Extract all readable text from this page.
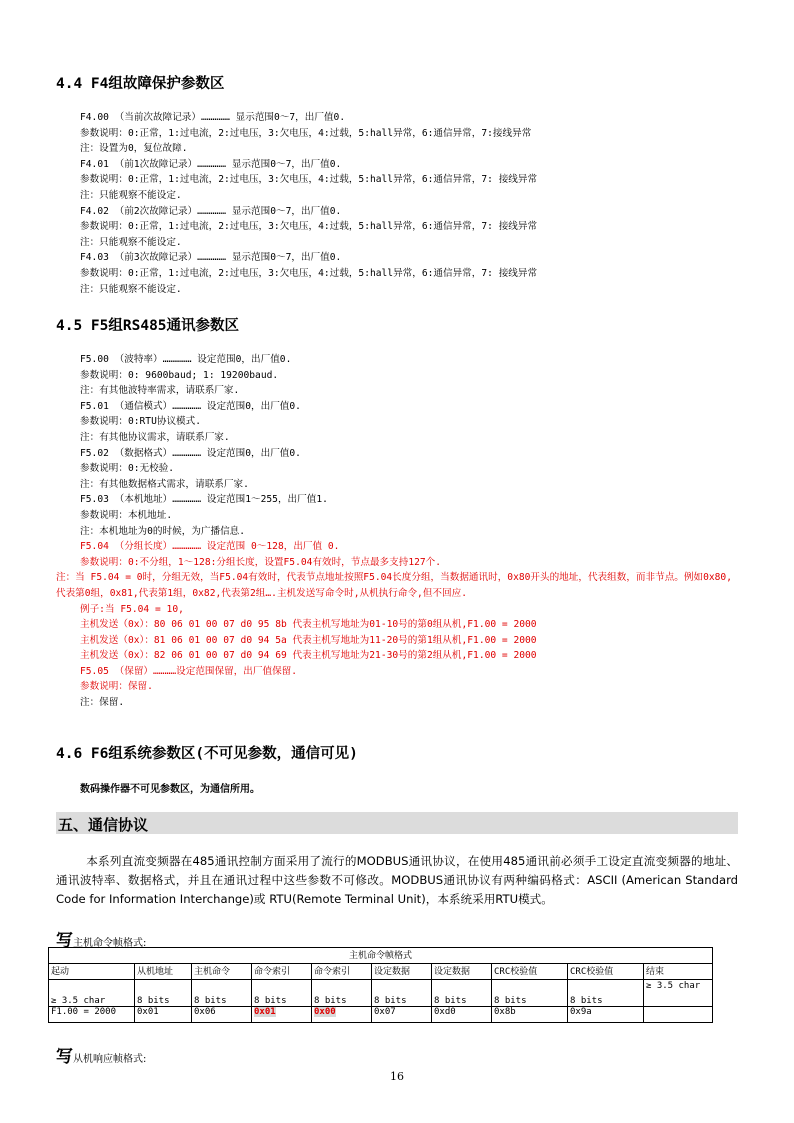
4.4 F4组故障保护参数区
F4.00 （当前次故障记录）…………… 显示范围0～7，出厂值0.
参数说明：0:正常，1:过电流，2:过电压，3:欠电压，4:过载，5:hall异常，6:通信异常，7:接线异常
注：设置为0，复位故障.
F4.01 （前1次故障记录）…………… 显示范围0～7，出厂值0.
参数说明：0:正常，1:过电流，2:过电压，3:欠电压，4:过载，5:hall异常，6:通信异常，7: 接线异常
注：只能观察不能设定.
F4.02 （前2次故障记录）…………… 显示范围0～7，出厂值0.
参数说明：0:正常，1:过电流，2:过电压，3:欠电压，4:过载，5:hall异常，6:通信异常，7: 接线异常
注：只能观察不能设定.
F4.03 （前3次故障记录）…………… 显示范围0～7，出厂值0.
参数说明：0:正常，1:过电流，2:过电压，3:欠电压，4:过载，5:hall异常，6:通信异常，7: 接线异常
注：只能观察不能设定.
4.5 F5组RS485通讯参数区
F5.00 （波特率）…………… 设定范围0，出厂值0.
参数说明：0: 9600baud; 1: 19200baud.
注：有其他波特率需求，请联系厂家.
F5.01 （通信模式）…………… 设定范围0，出厂值0.
参数说明：0:RTU协议模式.
注：有其他协议需求，请联系厂家.
F5.02 （数据格式）…………… 设定范围0，出厂值0.
参数说明：0:无校验.
注：有其他数据格式需求，请联系厂家.
F5.03 （本机地址）…………… 设定范围1～255，出厂值1.
参数说明：本机地址.
注：本机地址为0的时候，为广播信息.
F5.04 （分组长度）…………… 设定范围 0～128，出厂值 0.
参数说明：0:不分组，1～128:分组长度，设置F5.04有效时，节点最多支持127个.
注：当 F5.04 = 0时，分组无效，当F5.04有效时，代表节点地址按照F5.04长度分组，当数据通讯时，0x80开头的地址，代表组数，而非节点。例如0x80,代表第0组，0x81,代表第1组，0x82,代表第2组….主机发送写命令时,从机执行命令,但不回应.
例子:当 F5.04 = 10,
主机发送（0x）：80 06 01 00 07 d0 95 8b 代表主机写地址为01-10号的第0组从机,F1.00 = 2000
主机发送（0x）：81 06 01 00 07 d0 94 5a 代表主机写地址为11-20号的第1组从机,F1.00 = 2000
主机发送（0x）：82 06 01 00 07 d0 94 69 代表主机写地址为21-30号的第2组从机,F1.00 = 2000
F5.05 （保留）…………设定范围保留，出厂值保留.
参数说明：保留.
注：保留.
4.6 F6组系统参数区(不可见参数，通信可见)
数码操作器不可见参数区，为通信所用。
五、通信协议
本系列直流变频器在485通讯控制方面采用了流行的MODBUS通讯协议，在使用485通讯前必须手工设定直流变频器的地址、通讯波特率、数据格式，并且在通讯过程中这些参数不可修改。MODBUS通讯协议有两种编码格式：ASCII (American Standard Code for Information Interchange)或 RTU(Remote Terminal Unit)，本系统采用RTU模式。
写主机命令帧格式:
主机命令帧格式									
起动	从机地址	主机命令	命令索引	命令索引	设定数据	设定数据	CRC校验值	CRC校验值	结束
≥ 3.5 char	8 bits	8 bits	8 bits	8 bits	8 bits	8 bits	8 bits	8 bits	≥ 3.5 char
F1.00 = 2000	0x01	0x06	0x01	0x00	0x07	0xd0	0x8b	0x9a	
写从机响应帧格式:
16
